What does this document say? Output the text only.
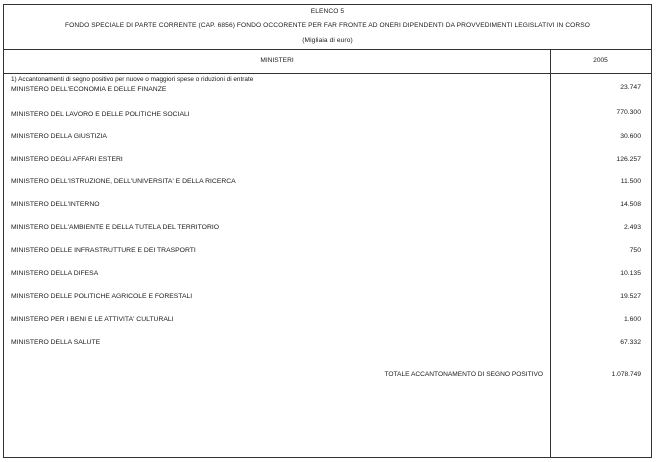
ELENCO 5
FONDO SPECIALE DI PARTE CORRENTE (CAP. 6856) FONDO OCCORENTE PER FAR FRONTE AD ONERI DIPENDENTI DA PROVVEDIMENTI LEGISLATIVI IN CORSO
(Migliaia di euro)
MINISTERI	2005
1) Accantonamenti di segno positivo per nuove o maggiori spese o riduzioni di entrate
MINISTERO DELL'ECONOMIA E DELLE FINANZE	23.747
MINISTERO DEL LAVORO E DELLE POLITICHE SOCIALI	770.300
MINISTERO DELLA GIUSTIZIA	30.600
MINISTERO DEGLI AFFARI ESTERI	126.257
MINISTERO DELL'ISTRUZIONE, DELL'UNIVERSITA' E DELLA RICERCA	11.500
MINISTERO DELL'INTERNO	14.508
MINISTERO DELL'AMBIENTE E DELLA TUTELA DEL TERRITORIO	2.493
MINISTERO DELLE INFRASTRUTTURE E DEI TRASPORTI	750
MINISTERO DELLA DIFESA	10.135
MINISTERO DELLE POLITICHE AGRICOLE E FORESTALI	19.527
MINISTERO PER I BENI E LE ATTIVITA' CULTURALI	1.600
MINISTERO DELLA SALUTE	67.332
TOTALE ACCANTONAMENTO DI SEGNO POSITIVO	1.078.749
